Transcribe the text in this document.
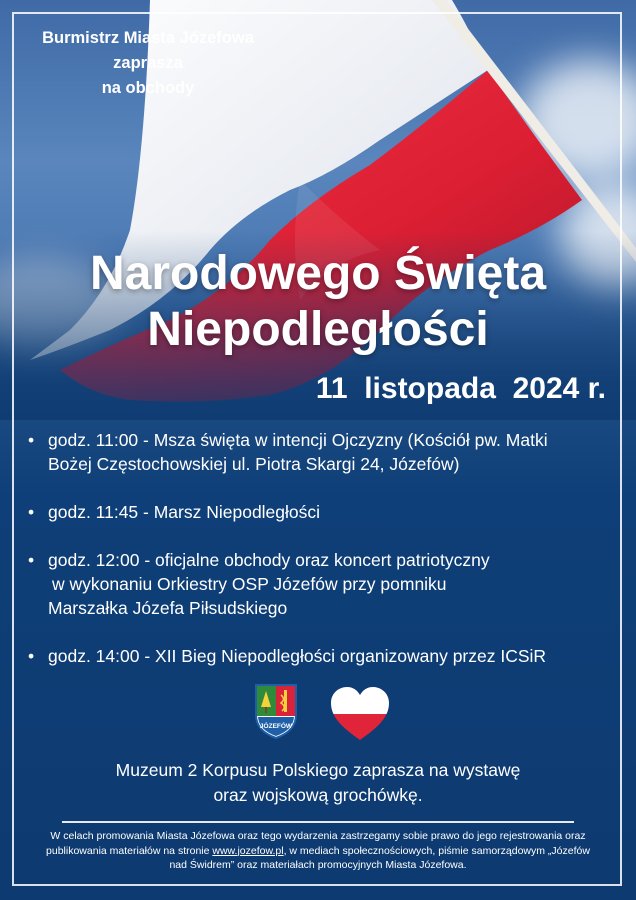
Burmistrz Miasta Józefowa
zaprasza
na obchody
Narodowego Święta
Niepodległości
11  listopada  2024 r.
• godz. 11:00 - Msza święta w intencji Ojczyzny (Kościół pw. Matki
Bożej Częstochowskiej ul. Piotra Skargi 24, Józefów)
• godz. 11:45 - Marsz Niepodległości
• godz. 12:00 - oficjalne obchody oraz koncert patriotyczny
w wykonaniu Orkiestry OSP Józefów przy pomniku
Marszałka Józefa Piłsudskiego
• godz. 14:00 - XII Bieg Niepodległości organizowany przez ICSiR
JÓZEFÓW
Muzeum 2 Korpusu Polskiego zaprasza na wystawę
oraz wojskową grochówkę.
W celach promowania Miasta Józefowa oraz tego wydarzenia zastrzegamy sobie prawo do jego rejestrowania oraz publikowania materiałów na stronie www.jozefow.pl, w mediach społecznościowych, piśmie samorządowym „Józefów nad Świdrem” oraz materiałach promocyjnych Miasta Józefowa.
